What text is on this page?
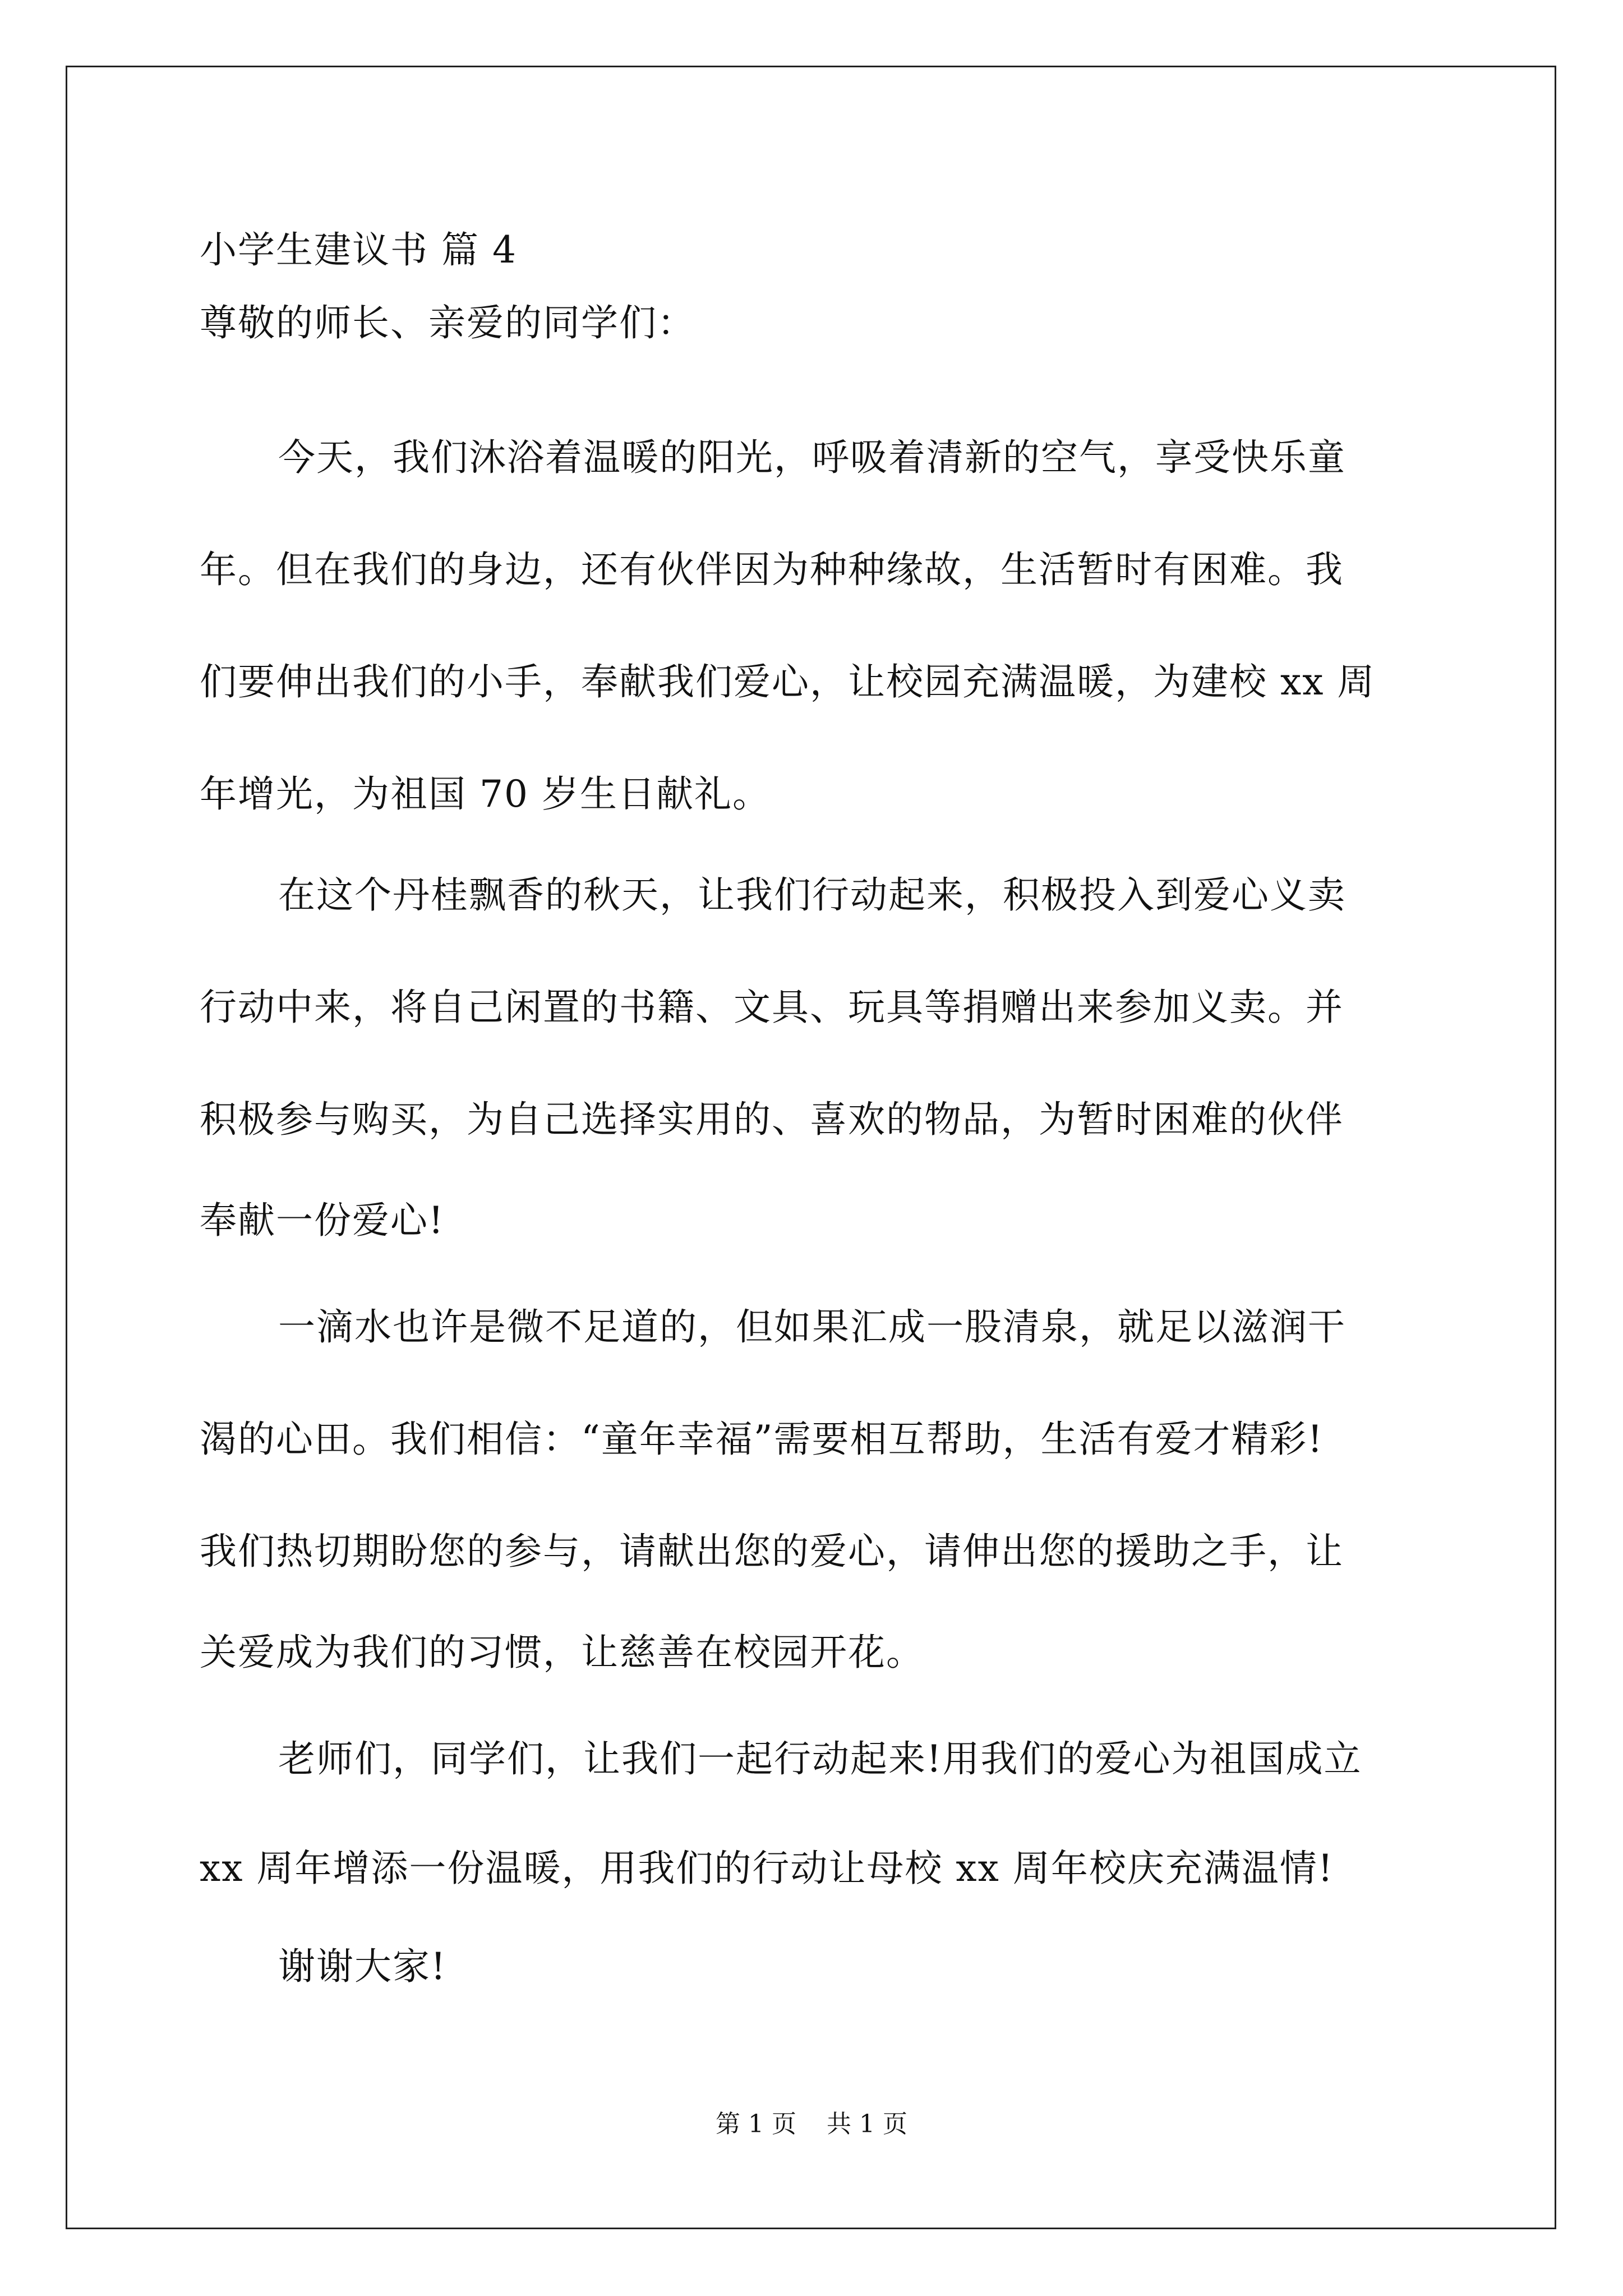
小学生建议书 篇 4
尊敬的师长、亲爱的同学们：
今天，我们沐浴着温暖的阳光，呼吸着清新的空气，享受快乐童
年。但在我们的身边，还有伙伴因为种种缘故，生活暂时有困难。我
们要伸出我们的小手，奉献我们爱心，让校园充满温暖，为建校 xx 周
年增光，为祖国 70 岁生日献礼。
在这个丹桂飘香的秋天，让我们行动起来，积极投入到爱心义卖
行动中来，将自己闲置的书籍、文具、玩具等捐赠出来参加义卖。并
积极参与购买，为自己选择实用的、喜欢的物品，为暂时困难的伙伴
奉献一份爱心!
一滴水也许是微不足道的，但如果汇成一股清泉，就足以滋润干
渴的心田。我们相信：“童年幸福”需要相互帮助，生活有爱才精彩!
我们热切期盼您的参与，请献出您的爱心，请伸出您的援助之手，让
关爱成为我们的习惯，让慈善在校园开花。
老师们，同学们，让我们一起行动起来!用我们的爱心为祖国成立
xx 周年增添一份温暖，用我们的行动让母校 xx 周年校庆充满温情!
谢谢大家!
第 1 页 共 1 页
